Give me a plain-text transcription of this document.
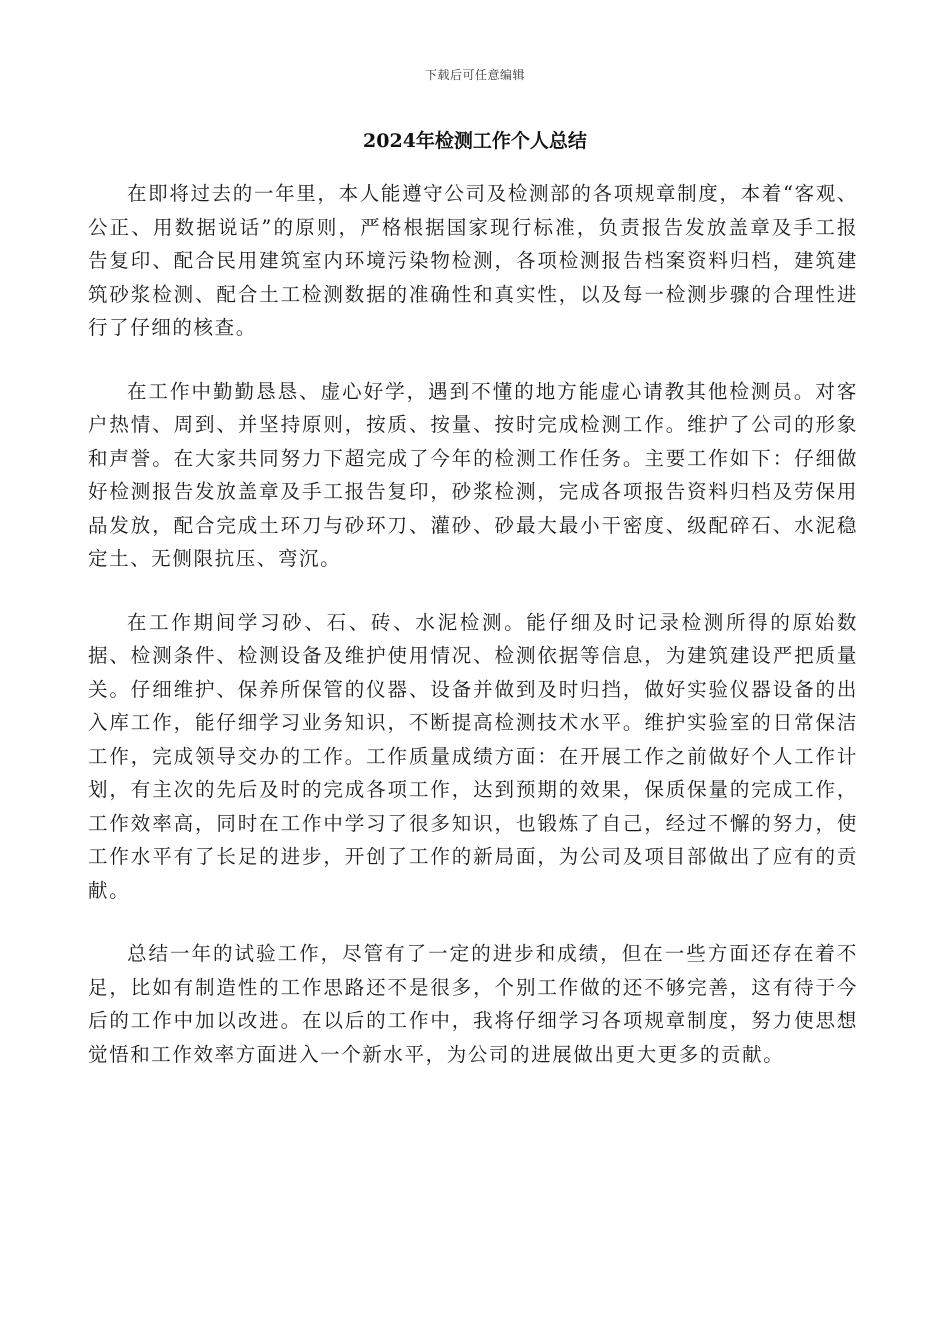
下载后可任意编辑
2024年检测工作个人总结

在即将过去的一年里，本人能遵守公司及检测部的各项规章制度，本着“客观、公正、用数据说话”的原则，严格根据国家现行标准，负责报告发放盖章及手工报告复印、配合民用建筑室内环境污染物检测，各项检测报告档案资料归档，建筑建筑砂浆检测、配合土工检测数据的准确性和真实性，以及每一检测步骤的合理性进行了仔细的核查。

在工作中勤勤恳恳、虚心好学，遇到不懂的地方能虚心请教其他检测员。对客户热情、周到、并坚持原则，按质、按量、按时完成检测工作。维护了公司的形象和声誉。在大家共同努力下超完成了今年的检测工作任务。主要工作如下：仔细做好检测报告发放盖章及手工报告复印，砂浆检测，完成各项报告资料归档及劳保用品发放，配合完成土环刀与砂环刀、灌砂、砂最大最小干密度、级配碎石、水泥稳定土、无侧限抗压、弯沉。

在工作期间学习砂、石、砖、水泥检测。能仔细及时记录检测所得的原始数据、检测条件、检测设备及维护使用情况、检测依据等信息，为建筑建设严把质量关。仔细维护、保养所保管的仪器、设备并做到及时归挡，做好实验仪器设备的出入库工作，能仔细学习业务知识，不断提高检测技术水平。维护实验室的日常保洁工作，完成领导交办的工作。工作质量成绩方面：在开展工作之前做好个人工作计划，有主次的先后及时的完成各项工作，达到预期的效果，保质保量的完成工作，工作效率高，同时在工作中学习了很多知识，也锻炼了自己，经过不懈的努力，使工作水平有了长足的进步，开创了工作的新局面，为公司及项目部做出了应有的贡献。

总结一年的试验工作，尽管有了一定的进步和成绩，但在一些方面还存在着不足，比如有制造性的工作思路还不是很多，个别工作做的还不够完善，这有待于今后的工作中加以改进。在以后的工作中，我将仔细学习各项规章制度，努力使思想觉悟和工作效率方面进入一个新水平，为公司的进展做出更大更多的贡献。
